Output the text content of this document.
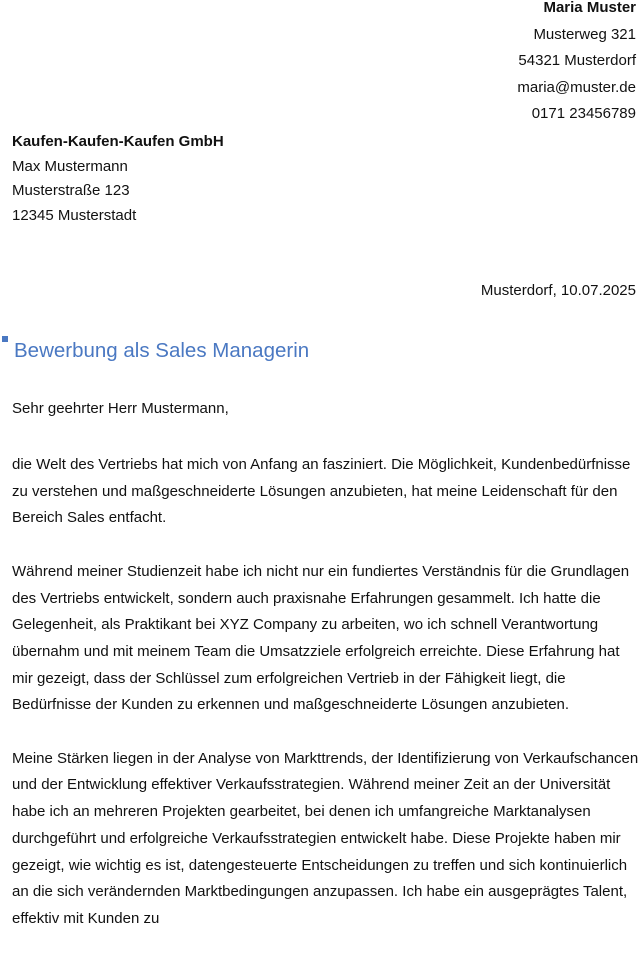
Maria Muster
Musterweg 321
54321 Musterdorf
maria@muster.de
0171 23456789
Kaufen-Kaufen-Kaufen GmbH
Max Mustermann
Musterstraße 123
12345 Musterstadt
Musterdorf, 10.07.2025
Bewerbung als Sales Managerin

Sehr geehrter Herr Mustermann,

die Welt des Vertriebs hat mich von Anfang an fasziniert. Die Möglichkeit, Kundenbedürfnisse zu verstehen und maßgeschneiderte Lösungen anzubieten, hat meine Leidenschaft für den Bereich Sales entfacht.

Während meiner Studienzeit habe ich nicht nur ein fundiertes Verständnis für die Grundlagen des Vertriebs entwickelt, sondern auch praxisnahe Erfahrungen gesammelt. Ich hatte die Gelegenheit, als Praktikant bei XYZ Company zu arbeiten, wo ich schnell Verantwortung übernahm und mit meinem Team die Umsatzziele erfolgreich erreichte. Diese Erfahrung hat mir gezeigt, dass der Schlüssel zum erfolgreichen Vertrieb in der Fähigkeit liegt, die Bedürfnisse der Kunden zu erkennen und maßgeschneiderte Lösungen anzubieten.

Meine Stärken liegen in der Analyse von Markttrends, der Identifizierung von Verkaufschancen und der Entwicklung effektiver Verkaufsstrategien. Während meiner Zeit an der Universität habe ich an mehreren Projekten gearbeitet, bei denen ich umfangreiche Marktanalysen durchgeführt und erfolgreiche Verkaufsstrategien entwickelt habe. Diese Projekte haben mir gezeigt, wie wichtig es ist, datengesteuerte Entscheidungen zu treffen und sich kontinuierlich an die sich verändernden Marktbedingungen anzupassen. Ich habe ein ausgeprägtes Talent, effektiv mit Kunden zu
